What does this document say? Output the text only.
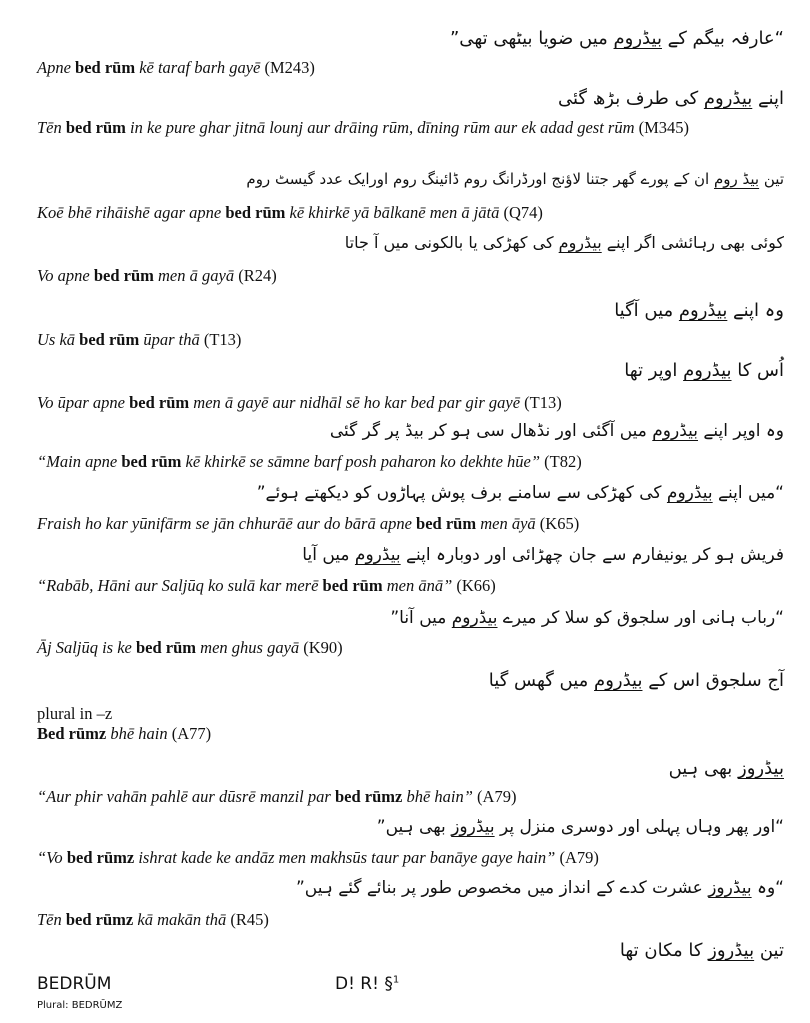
“عارفہ بیگم کے بیڈروم میں ضویا بیٹھی تھی”
Apne bed rūm kē taraf barh gayē (M243)
اپنے بیڈروم کی طرف بڑھ گئی
Tēn bed rūm in ke pure ghar jitnā lounj aur drāing rūm, dīning rūm aur ek adad gest rūm (M345)
تین بیڈ روم ان کے پورے گھر جتنا لاؤنج اورڈرانگ روم ڈائینگ روم اورایک عدد گیسٹ روم
Koē bhē rihāishē agar apne bed rūm kē khirkē yā bālkanē men ā jātā (Q74)
کوئی بھی رہائشی اگر اپنے بیڈروم کی کھڑکی یا بالکونی میں آ جاتا
Vo apne bed rūm men ā gayā (R24)
وہ اپنے بیڈروم میں آگیا
Us kā bed rūm ūpar thā (T13)
اُس کا بیڈروم اوپر تھا
Vo ūpar apne bed rūm men ā gayē aur nidhāl sē ho kar bed par gir gayē (T13)
وہ اوپر اپنے بیڈروم میں آگئی اور نڈھال سی ہو کر بیڈ پر گر گئی
“Main apne bed rūm kē khirkē se sāmne barf posh paharon ko dekhte hūe” (T82)
“میں اپنے بیڈروم کی کھڑکی سے سامنے برف پوش پہاڑوں کو دیکھتے ہوئے”
Fraish ho kar yūnifārm se jān chhurāē aur do bārā apne bed rūm men āyā (K65)
فریش ہو کر یونیفارم سے جان چھڑائی اور دوبارہ اپنے بیڈروم میں آیا
“Rabāb, Hāni aur Saljūq ko sulā kar merē bed rūm men ānā” (K66)
“رباب ہانی اور سلجوق کو سلا کر میرے بیڈروم میں آنا”
Āj Saljūq is ke bed rūm men ghus gayā (K90)
آج سلجوق اس کے بیڈروم میں گھس گیا
plural in –z
Bed rūmz bhē hain (A77)
بیڈروز بھی ہیں
“Aur phir vahān pahlē aur dūsrē manzil par bed rūmz bhē hain” (A79)
“اور پھر وہاں پہلی اور دوسری منزل پر بیڈروز بھی ہیں”
“Vo bed rūmz ishrat kade ke andāz men makhsūs taur par banāye gaye hain” (A79)
“وہ بیڈروز عشرت کدے کے انداز میں مخصوص طور پر بنائے گئے ہیں”
Tēn bed rūmz kā makān thā (R45)
تین بیڈروز کا مکان تھا
BEDRŪM
Plural: BEDRŪMZ
D! R! §$^1$
